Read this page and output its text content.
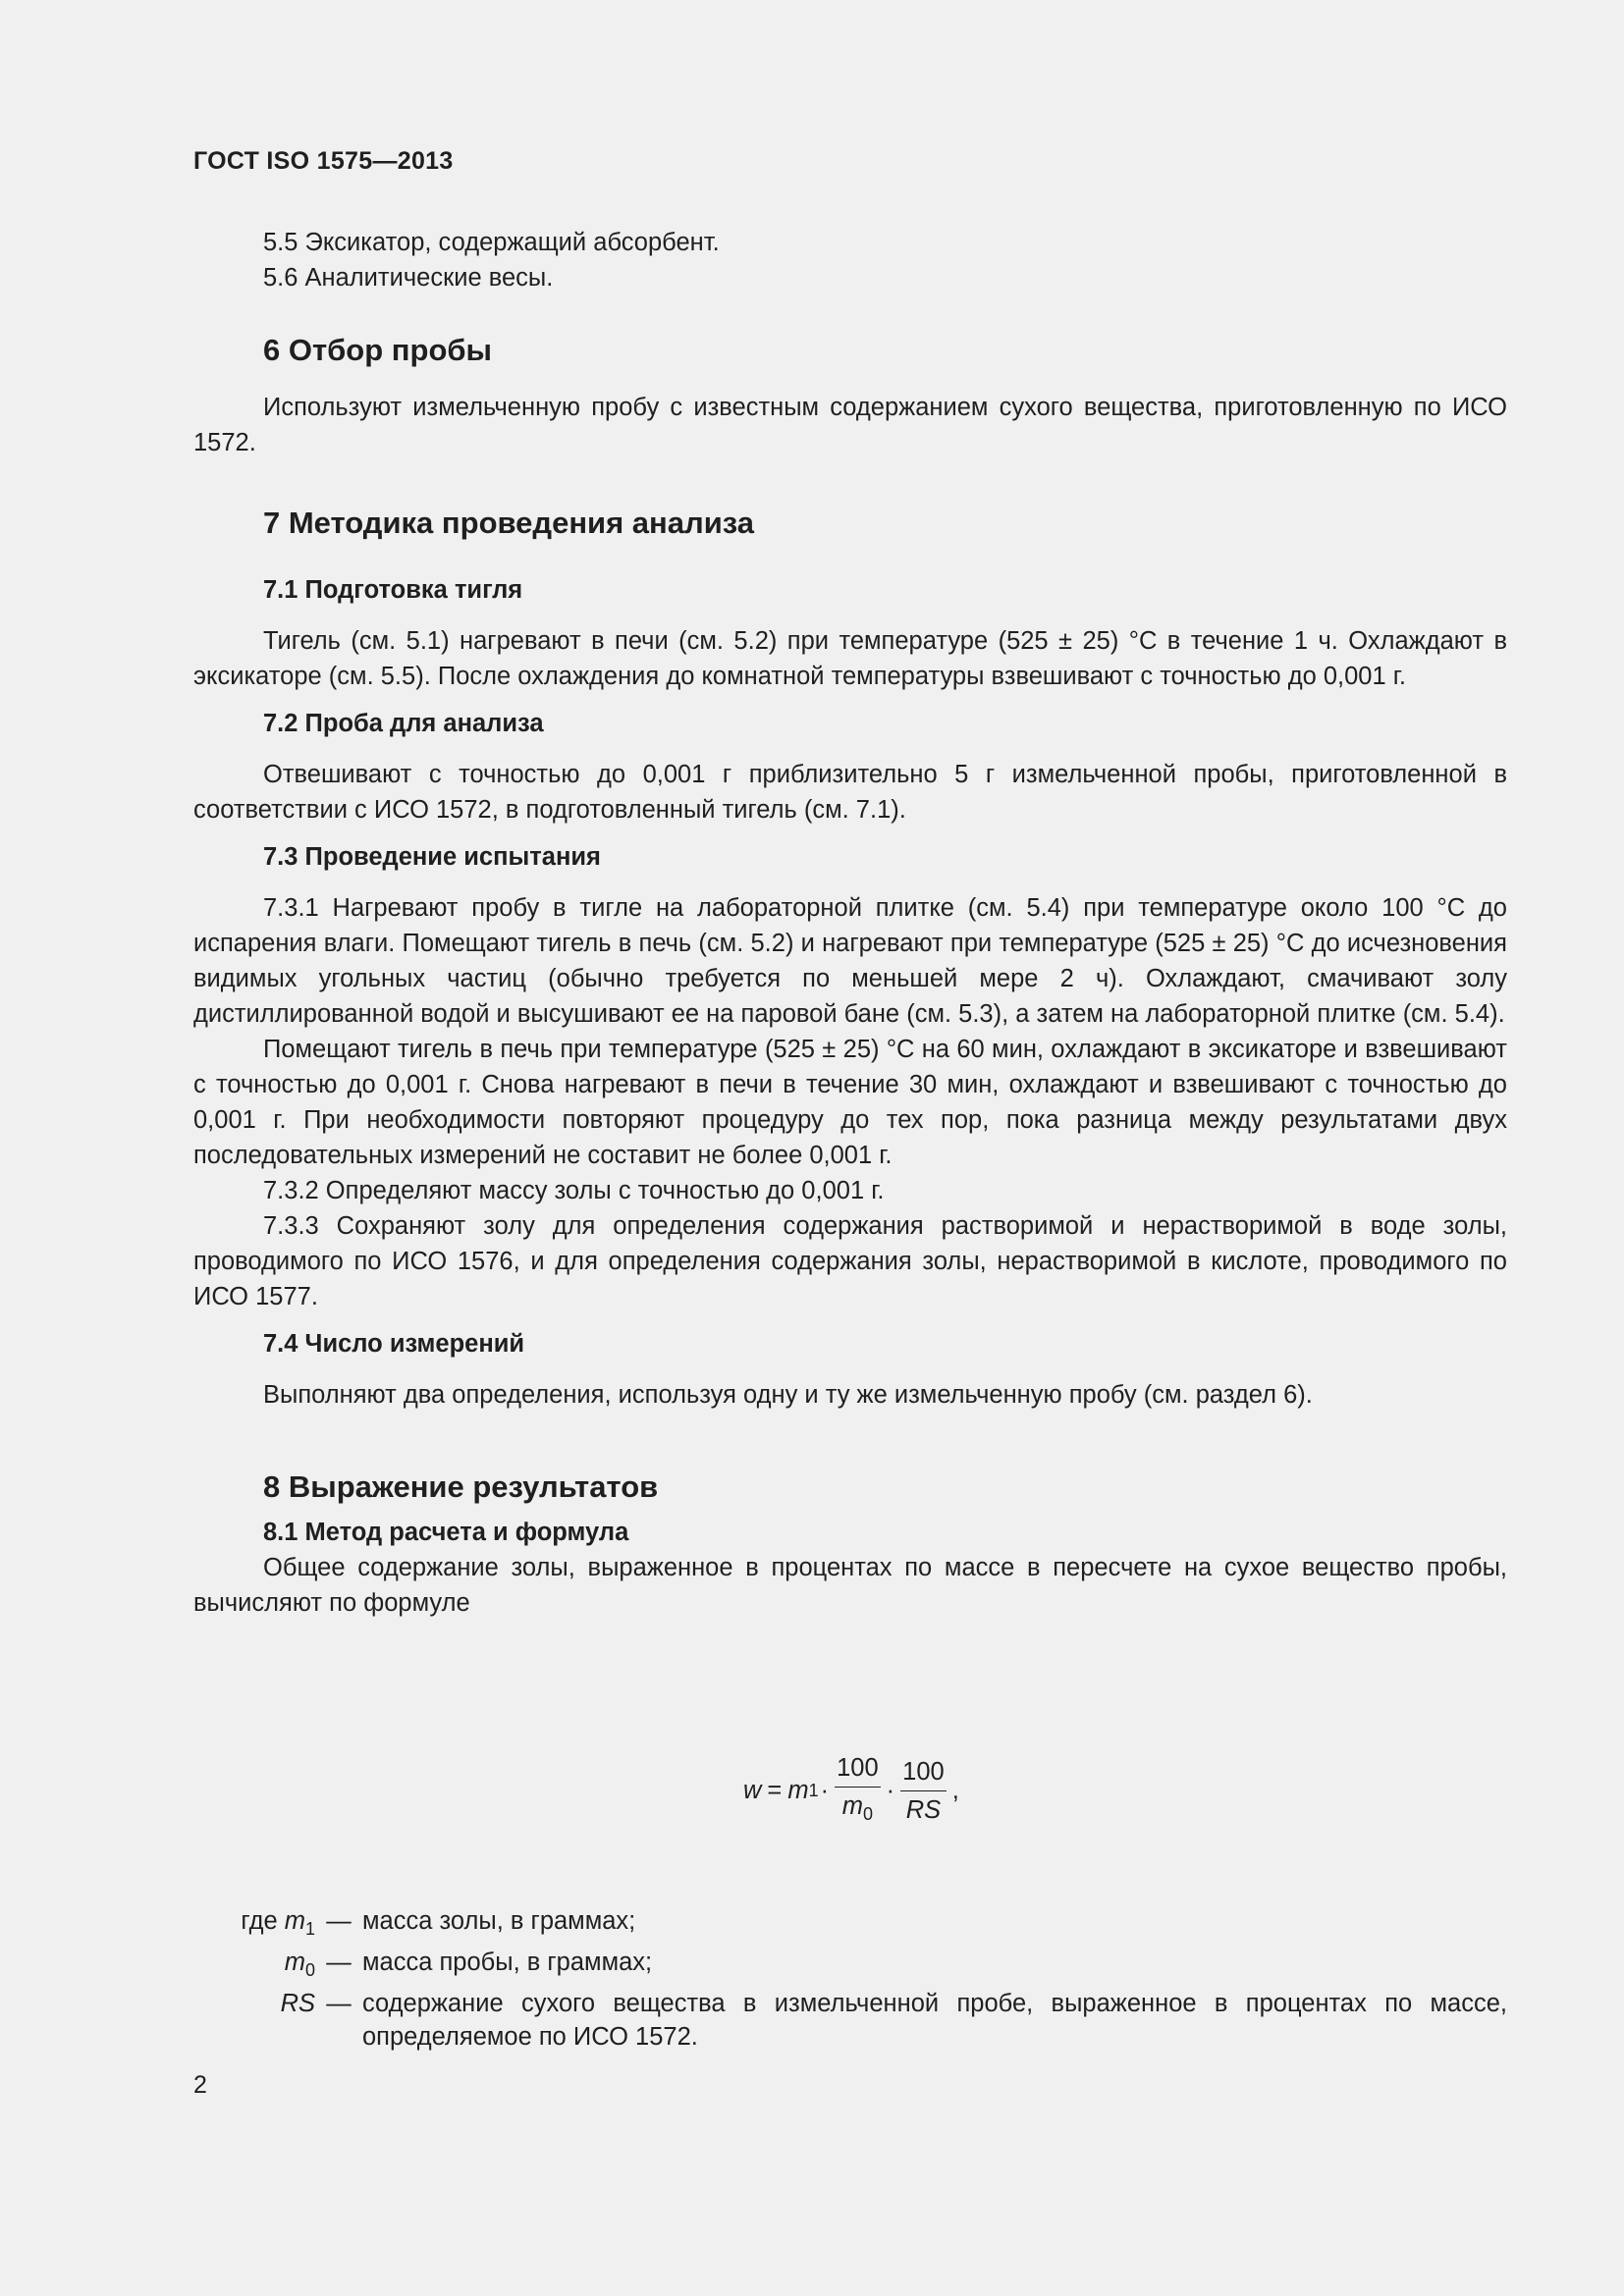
ГОСТ ISO 1575—2013

5.5 Эксикатор, содержащий абсорбент.

5.6 Аналитические весы.

6 Отбор пробы

Используют измельченную пробу с известным содержанием сухого вещества, приготовленную по ИСО 1572.

7 Методика проведения анализа
7.1 Подготовка тигля

Тигель (см. 5.1) нагревают в печи (см. 5.2) при температуре (525 ± 25) °С в течение 1 ч. Охлаждают в эксикаторе (см. 5.5). После охлаждения до комнатной температуры взвешивают с точностью до 0,001 г.

7.2 Проба для анализа

Отвешивают с точностью до 0,001 г приблизительно 5 г измельченной пробы, приготовленной в соответствии с ИСО 1572, в подготовленный тигель (см. 7.1).

7.3 Проведение испытания

7.3.1 Нагревают пробу в тигле на лабораторной плитке (см. 5.4) при температуре около 100 °С до испарения влаги. Помещают тигель в печь (см. 5.2) и нагревают при температуре (525 ± 25) °С до исчезновения видимых угольных частиц (обычно требуется по меньшей мере 2 ч). Охлаждают, смачивают золу дистиллированной водой и высушивают ее на паровой бане (см. 5.3), а затем на лабораторной плитке (см. 5.4).

Помещают тигель в печь при температуре (525 ± 25) °С на 60 мин, охлаждают в эксикаторе и взвешивают с точностью до 0,001 г. Снова нагревают в печи в течение 30 мин, охлаждают и взвешивают с точностью до 0,001 г. При необходимости повторяют процедуру до тех пор, пока разница между результатами двух последовательных измерений не составит не более 0,001 г.

7.3.2 Определяют массу золы с точностью до 0,001 г.

7.3.3 Сохраняют золу для определения содержания растворимой и нерастворимой в воде золы, проводимого по ИСО 1576, и для определения содержания золы, нерастворимой в кислоте, проводимого по ИСО 1577.

7.4 Число измерений

Выполняют два определения, используя одну и ту же измельченную пробу (см. раздел 6).

8 Выражение результатов
8.1 Метод расчета и формула

Общее содержание золы, выраженное в процентах по массе в пересчете на сухое вещество пробы, вычисляют по формуле

w = m $1 \cdot \frac{100}{m_0} \cdot \frac{100}{RS}$ ,
где $m_1$ — масса золы, в граммах;
$m_0$ — масса пробы, в граммах;
RS — содержание сухого вещества в измельченной пробе, выраженное в процентах по массе, определяемое по ИСО 1572.
2
